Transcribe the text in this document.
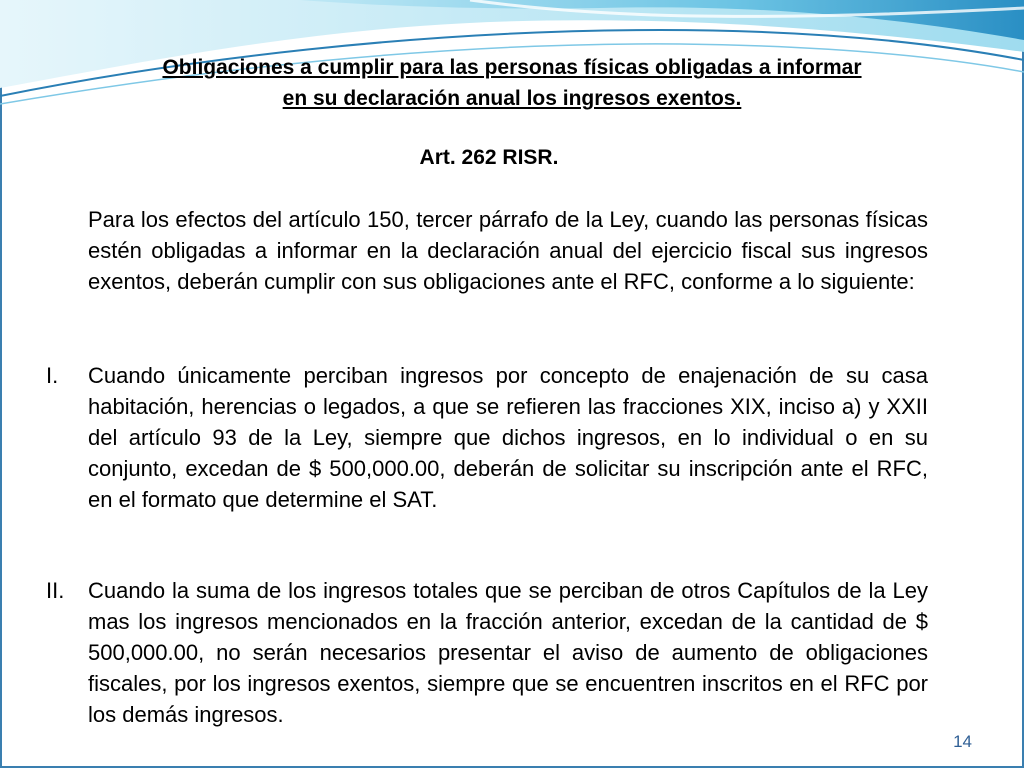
Obligaciones a cumplir para las personas físicas obligadas a informar
en su declaración anual los ingresos exentos.
Art. 262 RISR.
Para los efectos del artículo 150, tercer párrafo de la Ley, cuando las personas físicas estén obligadas a informar en la declaración anual del ejercicio fiscal sus ingresos exentos, deberán cumplir con sus obligaciones ante el RFC, conforme a lo siguiente:
I. Cuando únicamente perciban ingresos por concepto de enajenación de su casa habitación, herencias o legados, a que se refieren las fracciones XIX, inciso a) y XXII del artículo 93 de la Ley, siempre que dichos ingresos, en lo individual o en su conjunto, excedan de $ 500,000.00, deberán de solicitar su inscripción ante el RFC, en el formato que determine el SAT.
II. Cuando la suma de los ingresos totales que se perciban de otros Capítulos de la Ley mas los ingresos mencionados en la fracción anterior, excedan de la cantidad de $ 500,000.00, no serán necesarios presentar el aviso de aumento de obligaciones fiscales, por los ingresos exentos, siempre que se encuentren inscritos en el RFC por los demás ingresos.
14
